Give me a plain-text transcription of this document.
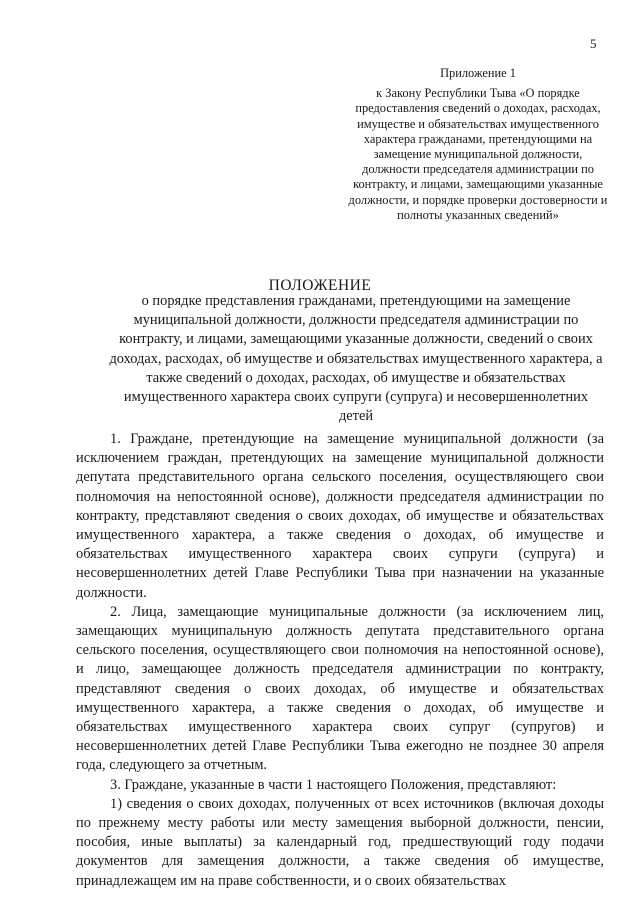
5
Приложение 1
к Закону Республики Тыва «О порядке предоставления сведений о доходах, расходах, имуществе и обязательствах имущественного характера гражданами, претендующими на замещение муниципальной должности, должности председателя администрации по контракту, и лицами, замещающими указанные должности, и порядке проверки достоверности и полноты указанных сведений»
ПОЛОЖЕНИЕ
о порядке представления гражданами, претендующими на замещение муниципальной должности, должности председателя администрации по контракту, и лицами, замещающими указанные должности, сведений о своих доходах, расходах, об имуществе и обязательствах имущественного характера, а также сведений о доходах, расходах, об имуществе и обязательствах имущественного характера своих супруги (супруга) и несовершеннолетних детей

1. Граждане, претендующие на замещение муниципальной должности (за исключением граждан, претендующих на замещение муниципальной должности депутата представительного органа сельского поселения, осуществляющего свои полномочия на непостоянной основе), должности председателя администрации по контракту, представляют сведения о своих доходах, об имуществе и обязательствах имущественного характера, а также сведения о доходах, об имуществе и обязательствах имущественного характера своих супруги (супруга) и несовершеннолетних детей Главе Республики Тыва при назначении на указанные должности.

2. Лица, замещающие муниципальные должности (за исключением лиц, замещающих муниципальную должность депутата представительного органа сельского поселения, осуществляющего свои полномочия на непостоянной основе), и лицо, замещающее должность председателя администрации по контракту, представляют сведения о своих доходах, об имуществе и обязательствах имущественного характера, а также сведения о доходах, об имуществе и обязательствах имущественного характера своих супруг (супругов) и несовершеннолетних детей Главе Республики Тыва ежегодно не позднее 30 апреля года, следующего за отчетным.

3. Граждане, указанные в части 1 настоящего Положения, представляют:

1) сведения о своих доходах, полученных от всех источников (включая доходы по прежнему месту работы или месту замещения выборной должности, пенсии, пособия, иные выплаты) за календарный год, предшествующий году подачи документов для замещения должности, а также сведения об имуществе, принадлежащем им на праве собственности, и о своих обязательствах
